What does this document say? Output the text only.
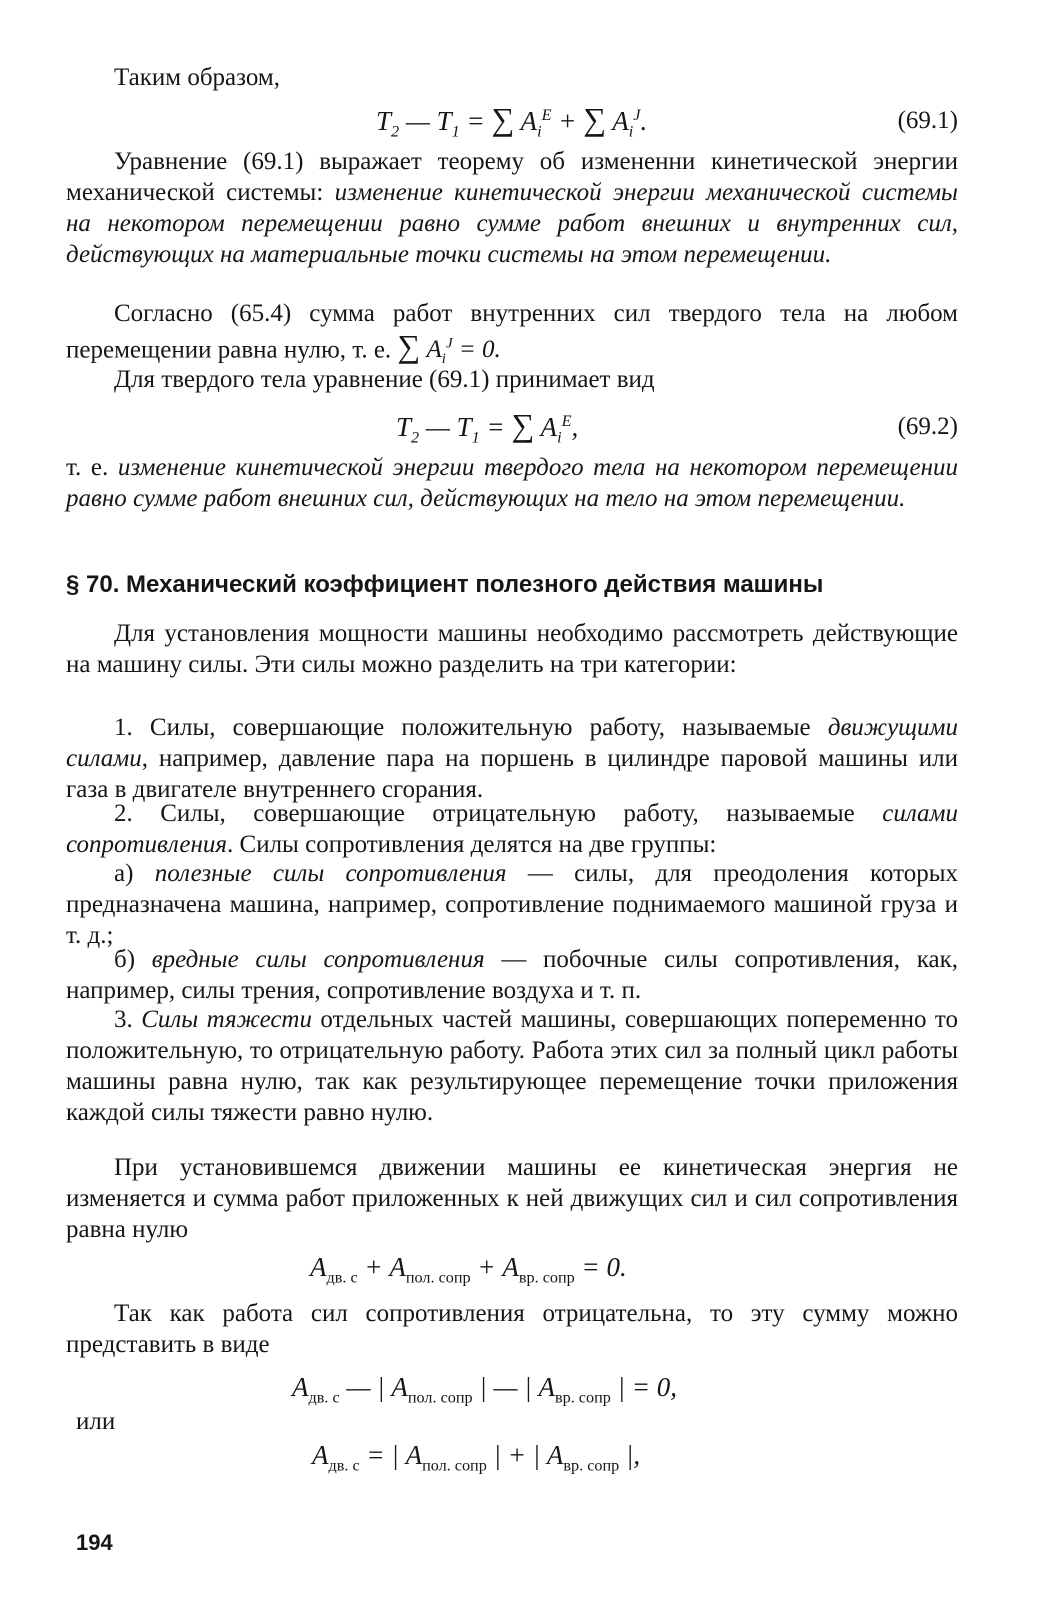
Таким образом,
$T_2$ — $T_1$ = ∑ $A_i^E$ + ∑ $A_i^J$.	(69.1)
Уравнение (69.1) выражает теорему об измененни кинетической энергии механической системы: изменение кинетической энергии механической системы на некотором перемещении равно сумме работ внешних и внутренних сил, действующих на материальные точки системы на этом перемещении.
Согласно (65.4) сумма работ внутренних сил твердого тела на любом перемещении равна нулю, т. е. ∑ $A_i^J = 0$.
Для твердого тела уравнение (69.1) принимает вид
$T_2$ — $T_1$ = ∑ $A_i^E$,	(69.2)
т. е. изменение кинетической энергии твердого тела на некотором перемещении равно сумме работ внешних сил, действующих на тело на этом перемещении.
§ 70. Механический коэффициент полезного действия машины
Для установления мощности машины необходимо рассмотреть действующие на машину силы. Эти силы можно разделить на три категории:
1. Силы, совершающие положительную работу, называемые движущими силами, например, давление пара на поршень в цилиндре паровой машины или газа в двигателе внутреннего сгорания.
2. Силы, совершающие отрицательную работу, называемые силами сопротивления. Силы сопротивления делятся на две группы:
а) полезные силы сопротивления — силы, для преодоления которых предназначена машина, например, сопротивление поднимаемого машиной груза и т. д.;
б) вредные силы сопротивления — побочные силы сопротивления, как, например, силы трения, сопротивление воздуха и т. п.
3. Силы тяжести отдельных частей машины, совершающих попеременно то положительную, то отрицательную работу. Работа этих сил за полный цикл работы машины равна нулю, так как результирующее перемещение точки приложения каждой силы тяжести равно нулю.
При установившемся движении машины ее кинетическая энергия не изменяется и сумма работ приложенных к ней движущих сил и сил сопротивления равна нулю
$A_{дв. с} + A_{пол. сопр} + A_{вр. сопр} = 0$.
Так как работа сил сопротивления отрицательна, то эту сумму можно представить в виде
$A_{дв. с}$ — | $A_{пол. сопр}$ | — | $A_{вр. сопр}$ | = 0,
или
$A_{дв. с}$ = | $A_{пол. сопр}$ | + | $A_{вр. сопр}$ |,
194
